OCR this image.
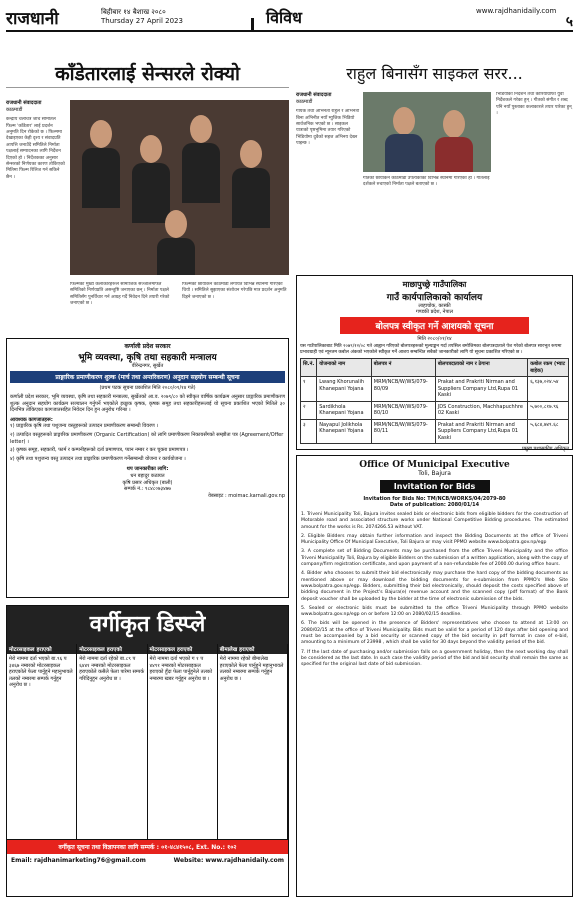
राजधानी	बिहीबार १४ बैशाख २०८०
Thursday 27 April 2023	विविध	www.rajdhanidaily.com
५
काँडेतारलाई सेन्सरले रोक्यो
राजधानी संवाददाता
काठमाडौं
केन्द्रीय चलचित्र जाँच समितिले फिल्म 'काँडेतार' लाई प्रदर्शन अनुमति दिन रोकेको छ । फिल्ममा देखाइएका केही दृश्य र संवादप्रति आपत्ति जनाउँदै समितिले निर्माता पक्षलाई सम्पादनका लागि निर्देशन दिएको हो । निर्देशकका अनुसार सेन्सरको निर्णयका कारण तोकिएको मितिमा फिल्म रिलिज गर्न सकिने छैन ।
फिल्मका मुख्य कलाकारहरूले सामाजिक सञ्जालमार्फत समितिको निर्णयप्रति असन्तुष्टि जनाएका छन् । निर्माता पक्षले समितिसँग पुनर्विचार गर्न आग्रह गर्दै निवेदन दिने तयारी गरेको जनाएको छ ।
फिल्मको छायांकन काठमाडौं लगायत विभिन्न स्थानमा गरिएको थियो । समितिले सुझाएका संशोधन गरेपछि मात्र प्रदर्शन अनुमति दिइने जनाएको छ ।
राहुल बिनासँग साइकल सरर...
राजधानी संवाददाता
काठमाडौं
गायक तथा अभिनेता राहुल र अभिनेत्री बिना अभिनीत नयाँ म्युजिक भिडियो सार्वजनिक भएको छ । साइकल यात्राको पृष्ठभूमिमा तयार गरिएको भिडियोमा दुवैको सहज अभिनय देख्न पाइन्छ ।
गीतको छायांकन काठमाडौं उपत्यकाका विभिन्न स्थानमा गरिएको हो । गीतलाई दर्शकले रुचाएको निर्माता पक्षले बताएको छ ।
भिडियोको निर्देशन तथा कोरियोग्राफी युवा निर्देशकले गरेका हुन् । गीतको संगीत र शब्द पनि नयाँ पुस्ताका कलाकारले तयार पारेका हुन् ।
माछापुच्छ्रे गाउँपालिका
गाउँ कार्यपालिकाको कार्यालय
लाहाचोक, कास्की
गण्डकी प्रदेश, नेपाल
बोलपत्र स्वीकृत गर्ने आशयको सूचना
मिति २०८०/०१/१४
यस गाउँपालिकाबाट मिति २०७९/१२/०८ गते आह्वान गरिएको बोलपत्रहरूको मूल्याङ्कन गर्दा तपसिल बमोजिमका बोलपत्रदाताले पेश गरेको बोलपत्र सारभूत रूपमा प्रभावग्राही एवं न्यूनतम कबोल अंकको भएकोले स्वीकृत गर्ने आशय सम्बन्धित सबैको जानकारीको लागि यो सूचना प्रकाशित गरिएको छ ।
सि.नं.	योजनाको नाम	बोलपत्र नं	बोलपत्रदाताको नाम र ठेगाना	कबोल रकम (भ्याट बाहेक)
१	Lwang Khorunalih Khanepani Yojana	MRM/NCB/W/WS/079-80/09	Prakat and Prakriti Nirman and Suppliers Company Ltd,Rupa 01 Kaski	६,१३७,०२४.५४
२	Sardikhola Khanepani Yojana	MRM/NCB/W/WS/079-80/10	JDS Construction, Machhapuchhre 02 Kaski	५,७००,८१७.९६
३	Nayapul Jolikhola Khanepani Yojana	MRM/NCB/W/WS/079-80/11	Prakat and Prakriti Nirman and Suppliers Company Ltd,Rupa 01 Kaski	५,६८४,७४९.६८
प्रमुख प्रशासकीय अधिकृत
कर्णाली प्रदेश सरकार
भूमि व्यवस्था, कृषि तथा सहकारी मन्त्रालय
वीरेन्द्रनगर, सुर्खेत
प्राङ्गारिक प्रमाणीकरण शुल्क (मार्च तथा अन्तरिकरण) अनुदान सहयोग सम्बन्धी सूचना
(प्रथम पटक सूचना प्रकाशित मिति २०८०/०१/१४ गते)
कर्णाली प्रदेश सरकार, भूमि व्यवस्था, कृषि तथा सहकारी मन्त्रालय, सुर्खेतको आ.व. २०७९/८० को स्वीकृत वार्षिक कार्यक्रम अनुसार प्राङ्गारिक प्रमाणीकरण शुल्क अनुदान सहयोग कार्यक्रम सञ्चालन गर्नुपर्ने भएकोले इच्छुक कृषक, कृषक समूह तथा सहकारीहरूलाई यो सूचना प्रकाशित भएको मितिले ३० दिनभित्र तोकिएका कागजातसहित निवेदन दिन हुन अनुरोध गरिन्छ ।
आवश्यक कागजातहरू:
१) प्राङ्गारिक कृषि तथा पशुजन्य वस्तुहरूको उत्पादन प्रमाणीकरण सम्बन्धी विवरण ।
२) उत्पादित वस्तुहरूको प्राङ्गारिक प्रमाणीकरण (Organic Certification) को लागि प्रमाणीकरण निकायसँगको सम्झौता पत्र (Agreement/Offer letter) ।
३) कृषक समूह, सहकारी, फार्म र कम्पनीहरूको दर्ता प्रमाणपत्र, प्यान नम्बर र कर चुक्ता प्रमाणपत्र ।
४) कृषि तथा पशुजन्य वस्तु उत्पादन तथा प्राङ्गारिक प्रमाणीकरण गर्नेसम्बन्धी योजना र कार्ययोजना ।
थप जानकारीका लागि:
धन बहादुर कठायत
कृषि प्रसार अधिकृत (बाली)
सम्पर्क नं.: ९८४८०७३४७७
वेबसाइट : moimac.karnali.gov.np
Office Of Municipal Executive
Toli, Bajura
Invitation for Bids
Invitation for Bids No: TM/NCB/WORKS/04/2079-80
Date of publication: 2080/01/14

1. Triveni Municipality Toli, Bajura invites sealed bids or electronic bids from eligible bidders for the construction of Motorable road and associated structure works under National Competitive Bidding procedures. The estimated amount for the works is Rs. 2074266.53 without VAT.

2. Eligible Bidders may obtain further information and inspect the Bidding Documents at the office of Triveni Municipality Office Of Municipal Executive, Toli Bajura or may visit PPMO website www.bolpatra.gov.np/egp

3. A complete set of Bidding Documents may be purchased from the office Triveni Municipality and the office Triveni Municipality Toli, Bajura by eligible Bidders on the submission of a written application, along with the copy of company/firm registration certificate, and upon payment of a non-refundable fee of 2000.00 during office hours.

4. Bidder who chooses to submit their bid electronically may purchase the hard copy of the bidding documents as mentioned above or may download the bidding documents for e-submission from PPMO's Web Site www.bolpatra.gov.np/egp. Bidders, submitting their bid electronically, should deposit the costs specified above of bidding document in the Project's Bajura(e) revenue account and the scanned copy (pdf format) of the Bank deposit voucher shall be uploaded by the bidder at the time of electronic submission of the bids.

5. Sealed or electronic bids must be submitted to the office Triveni Municipality through PPMO website www.bolpatra.gov.np/egp on or before 12:00 on 2080/02/15 deadline.

6. The bids will be opened in the presence of Bidders' representatives who choose to attend at 13:00 on 2080/02/15 at the office of Triveni Municipality. Bids must be valid for a period of 120 days after bid opening and must be accompanied by a bid security or scanned copy of the bid security in pdf format in case of e-bid, amounting to a minimum of 23998 , which shall be valid for 30 days beyond the validity period of the bid.

7. If the last date of purchasing and/or submission falls on a government holiday, then the next working day shall be considered as the last date. In such case the validity period of the bid and bid security shall remain the same as specified for the original last date of bid submission.

वर्गीकृत डिस्प्ले
मोटरसाइकल हराएको
मेरो नाममा दर्ता भएको बा.९६ प ३४६७ नम्बरको मोटरसाइकल हराएकोले फेला पार्नुहुने महानुभावले तलको नम्बरमा सम्पर्क गर्नुहुन अनुरोध छ ।
मोटरसाइकल हराएको
मेरो नाममा दर्ता रहेको बा.८९ प ६४४१ नम्बरको मोटरसाइकल हराएकोले कसैले फेला पारेमा सम्पर्क गरिदिनुहुन अनुरोध छ ।
मोटरसाइकल हराएको
मेरो नाममा दर्ता भएको ग १ प ४४९१ नम्बरको मोटरसाइकल हराएको हुँदा फेला पार्नुहुनेले तलको नम्बरमा खबर गर्नुहुन अनुरोध छ ।
बीमालेख हराएको
मेरो नाममा रहेको बीमालेख हराएकोले फेला पार्नुहुने महानुभावले तलको नम्बरमा सम्पर्क गर्नुहुन अनुरोध छ ।
वर्गीकृत सूचना तथा विज्ञापनका लागि सम्पर्क : ०१-४८४१५०८, Ext. No.: १०२
Email: rajdhanimarketing76@gmail.com	Website: www.rajdhanidaily.com
